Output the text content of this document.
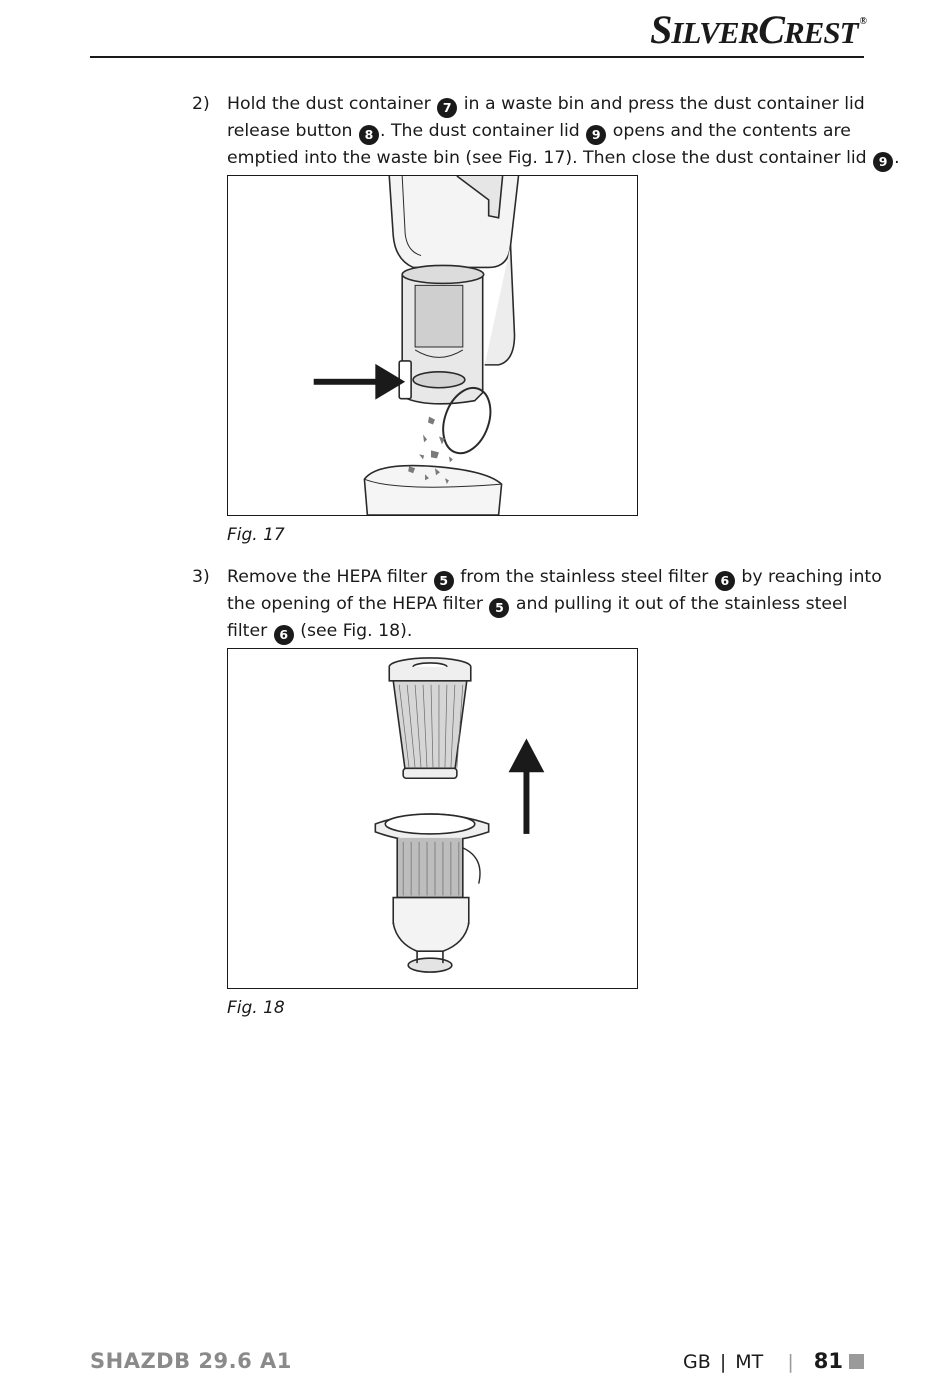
SILVERCREST ®
2) Hold the dust container 7 in a waste bin and press the dust container lid
release button 8 . The dust container lid 9 opens and the contents are
emptied into the waste bin (see Fig. 17). Then close the dust container lid 9 .
Fig. 17
3) Remove the HEPA filter 5 from the stainless steel filter 6 by reaching into
the opening of the HEPA filter 5 and pulling it out of the stainless steel
filter 6 (see Fig. 18).
Fig. 18
SHAZDB 29.6 A1	GB | MT | 81
